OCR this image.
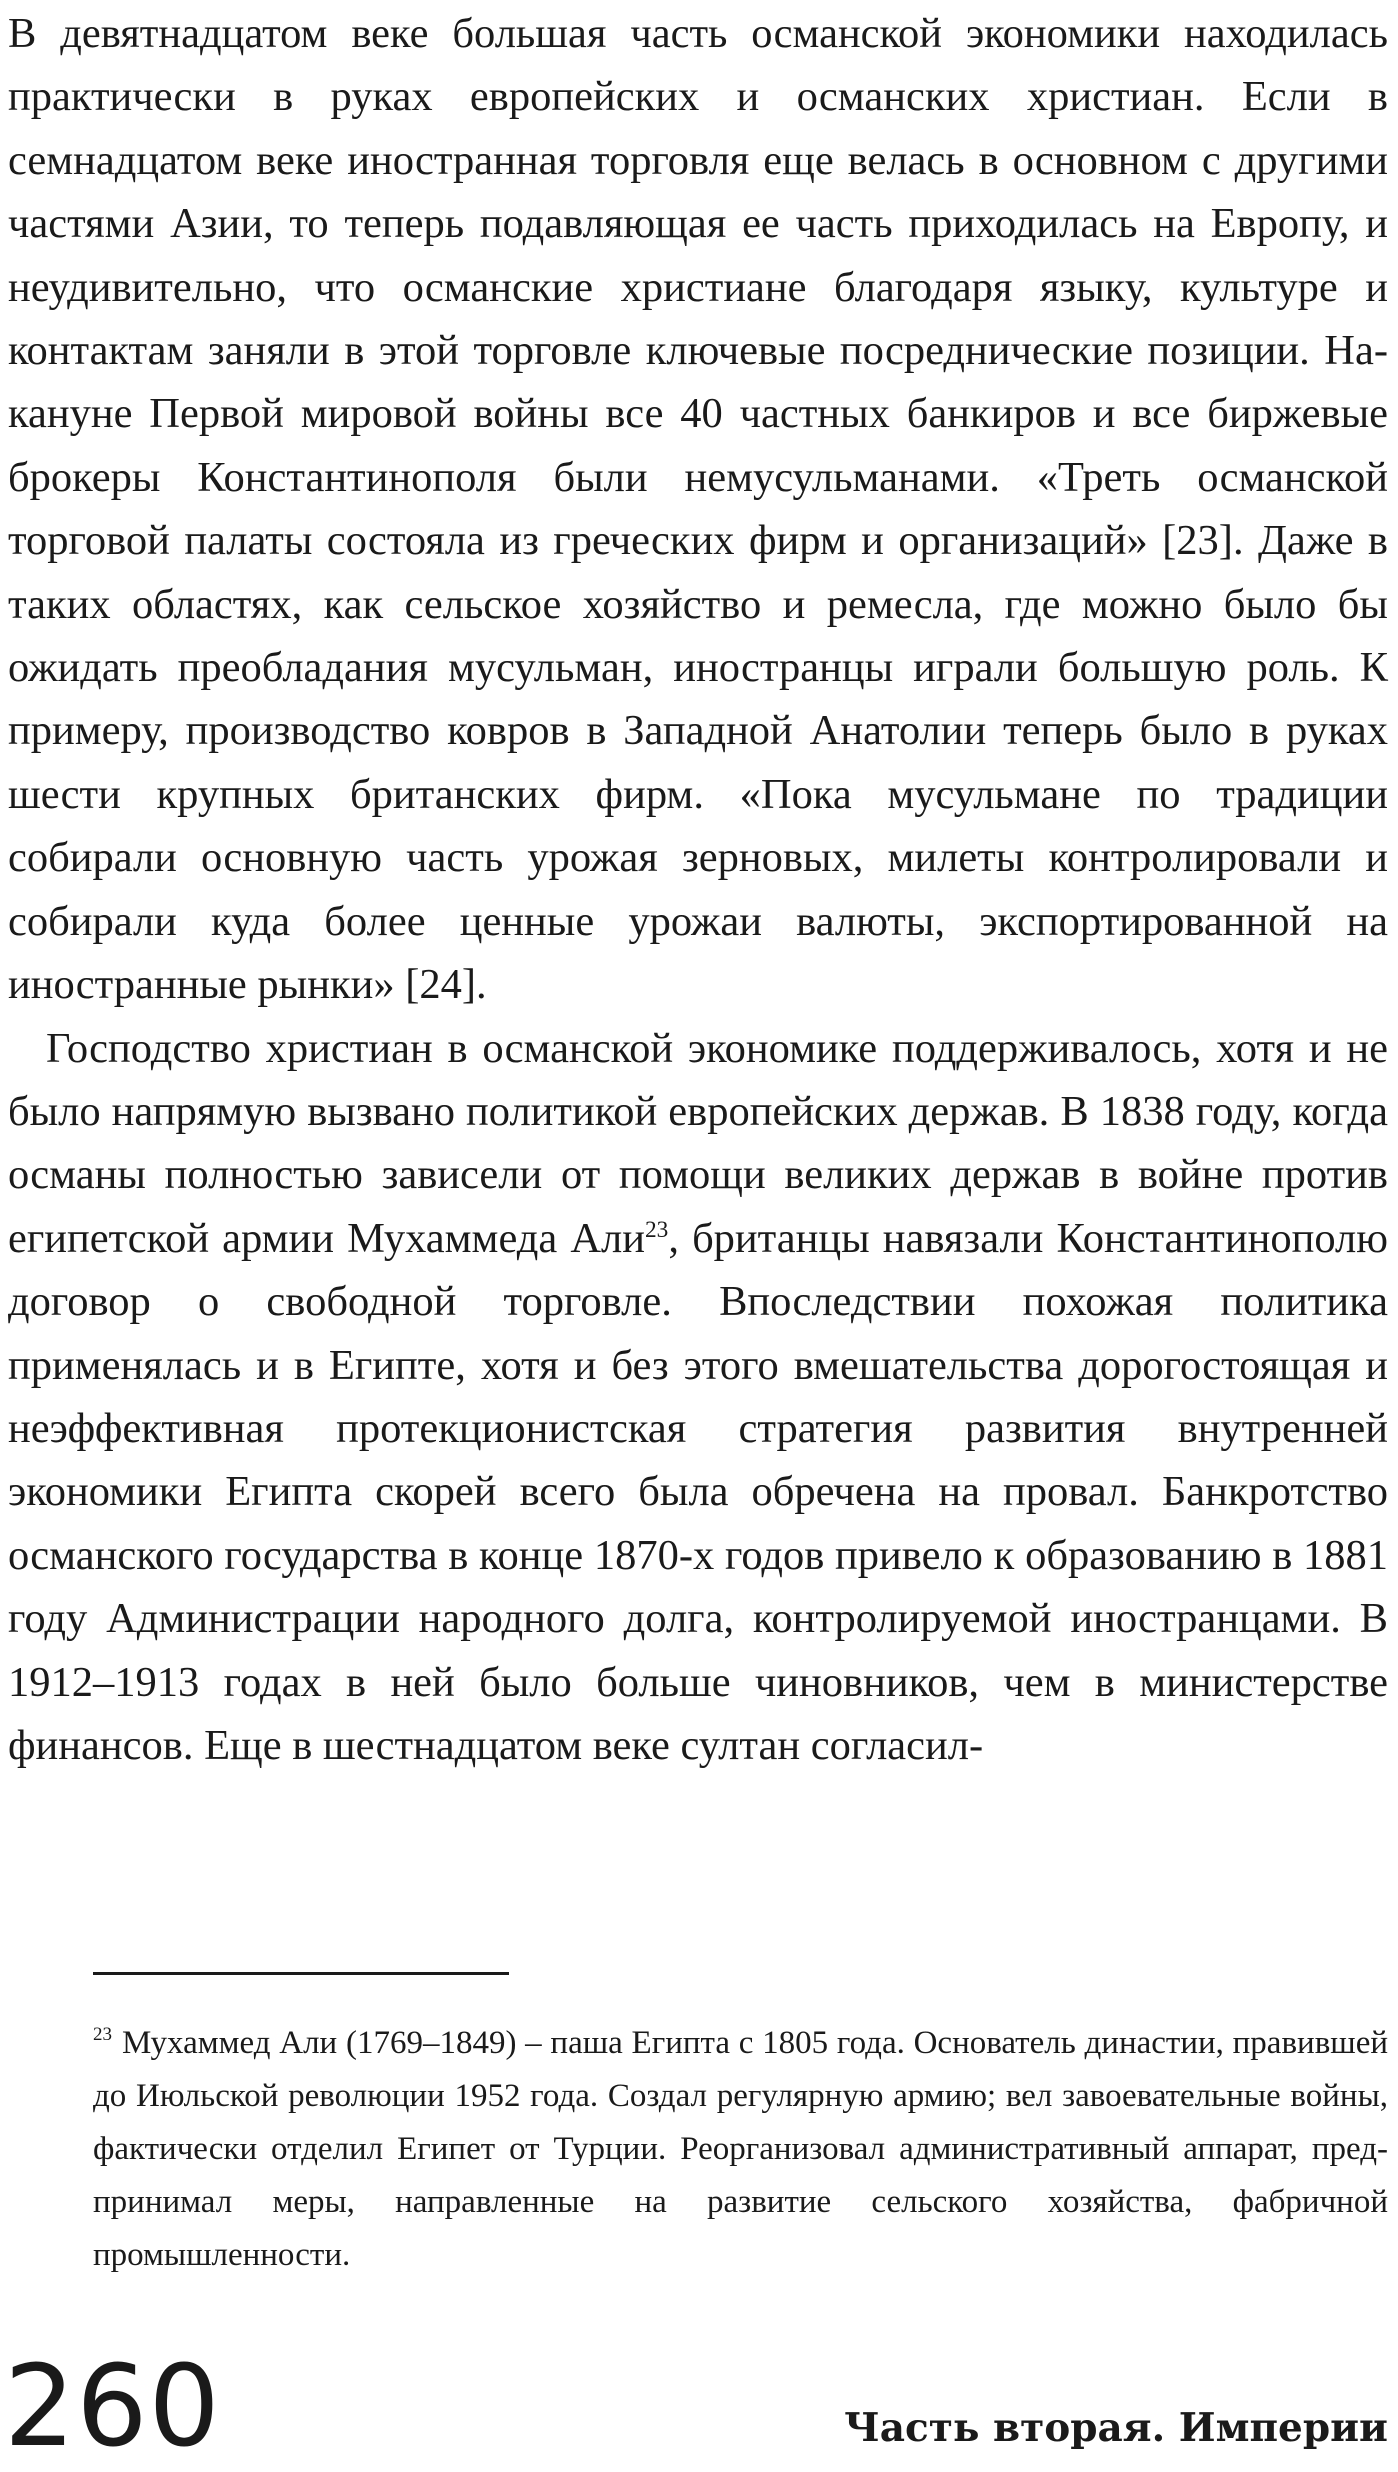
В девятнадцатом веке большая часть османской экономики находилась практически в руках европейских и османских христиан. Если в семнадцатом веке иностранная торговля еще велась в основном с другими частями Азии, то теперь подавляющая ее часть приходилась на Европу, и неудивительно, что османские христиане благодаря языку, культуре и контактам заняли в этой торговле ключевые посреднические позиции. Накануне Первой мировой войны все 40 частных банкиров и все биржевые брокеры Константинополя были немусульманами. «Треть османской торговой палаты состояла из греческих фирм и организаций» [23]. Даже в таких областях, как сельское хозяйство и ремесла, где можно было бы ожидать преобладания мусульман, иностранцы играли большую роль. К примеру, производство ковров в Западной Анатолии теперь было в руках шести крупных британских фирм. «Пока мусульмане по традиции собирали основную часть урожая зерновых, милеты контролировали и собирали куда более ценные урожаи валюты, экспортированной на иностранные рынки» [24].

Господство христиан в османской экономике поддерживалось, хотя и не было напрямую вызвано политикой европейских держав. В 1838 году, когда османы полностью зависели от помощи великих держав в войне против египетской армии Мухаммеда Али$^{23}$, британцы навязали Константинополю договор о свободной торговле. Впоследствии похожая политика применялась и в Египте, хотя и без этого вмешательства дорогостоящая и неэффективная протекционистская стратегия развития внутренней экономики Египта скорей всего была обречена на провал. Банкротство османского государства в конце 1870-х годов привело к образованию в 1881 году Администрации народного долга, контролируемой иностранцами. В 1912–1913 годах в ней было больше чиновников, чем в министерстве финансов. Еще в шестнадцатом веке султан согласил-

$^{23}$ Мухаммед Али (1769–1849) – паша Египта с 1805 года. Основатель династии, правившей до Июльской революции 1952 года. Создал регулярную армию; вел завоевательные войны, фактически отделил Египет от Турции. Реорганизовал административный аппарат, предпринимал меры, направленные на развитие сельского хозяйства, фабричной промышленности.
260	Часть вторая. Империи
